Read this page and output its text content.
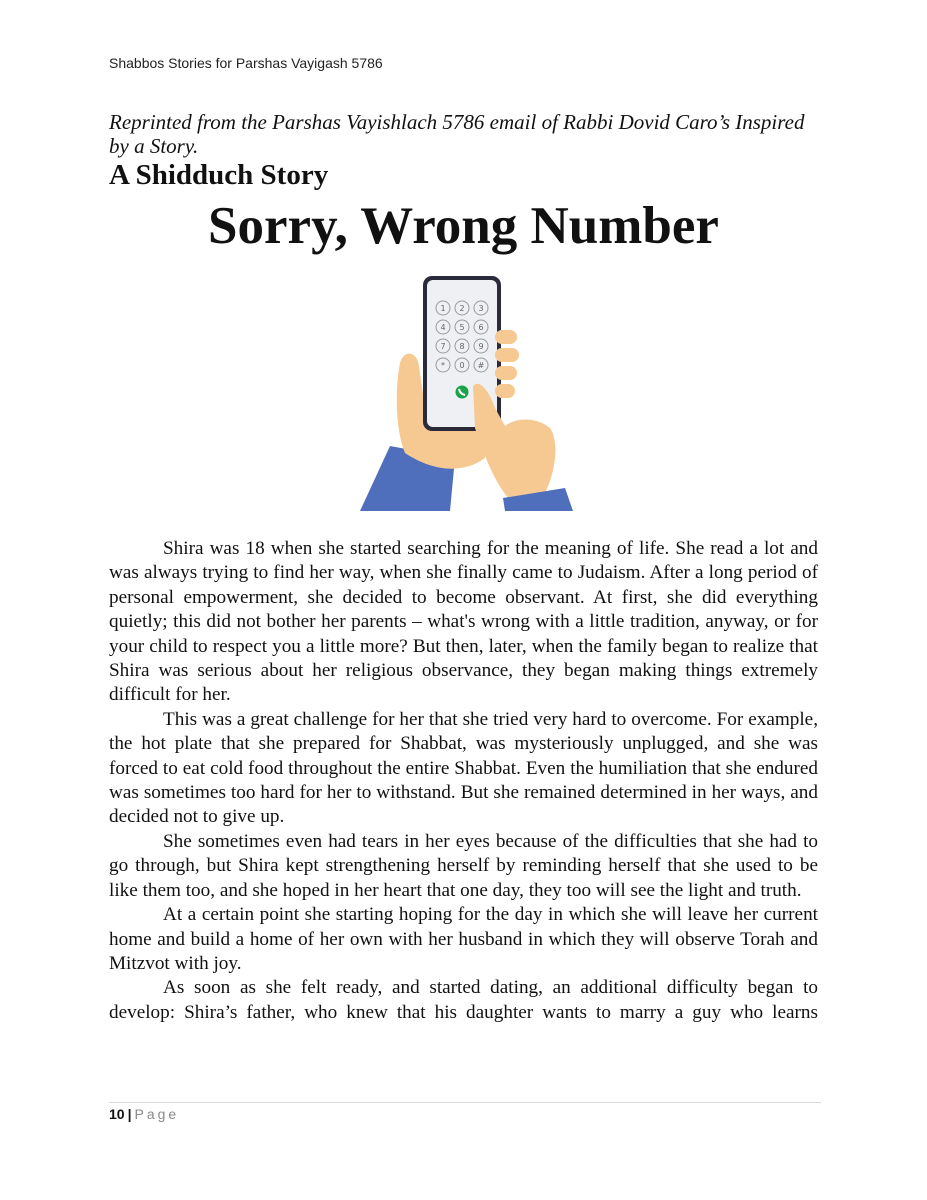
Shabbos Stories for Parshas Vayigash 5786
Reprinted from the Parshas Vayishlach 5786 email of Rabbi Dovid Caro’s Inspired by a Story.
A Shidduch Story
Sorry, Wrong Number
1 2 3
4 5 6
7 8 9
* 0 #

Shira was 18 when she started searching for the meaning of life. She read a lot and was always trying to find her way, when she finally came to Judaism. After a long period of personal empowerment, she decided to become observant. At first, she did everything quietly; this did not bother her parents – what's wrong with a little tradition, anyway, or for your child to respect you a little more? But then, later, when the family began to realize that Shira was serious about her religious observance, they began making things extremely difficult for her.

This was a great challenge for her that she tried very hard to overcome. For example, the hot plate that she prepared for Shabbat, was mysteriously unplugged, and she was forced to eat cold food throughout the entire Shabbat. Even the humiliation that she endured was sometimes too hard for her to withstand. But she remained determined in her ways, and decided not to give up.

She sometimes even had tears in her eyes because of the difficulties that she had to go through, but Shira kept strengthening herself by reminding herself that she used to be like them too, and she hoped in her heart that one day, they too will see the light and truth.

At a certain point she starting hoping for the day in which she will leave her current home and build a home of her own with her husband in which they will observe Torah and Mitzvot with joy.

As soon as she felt ready, and started dating, an additional difficulty began to develop: Shira’s father, who knew that his daughter wants to marry a guy who learns

10 | Page
